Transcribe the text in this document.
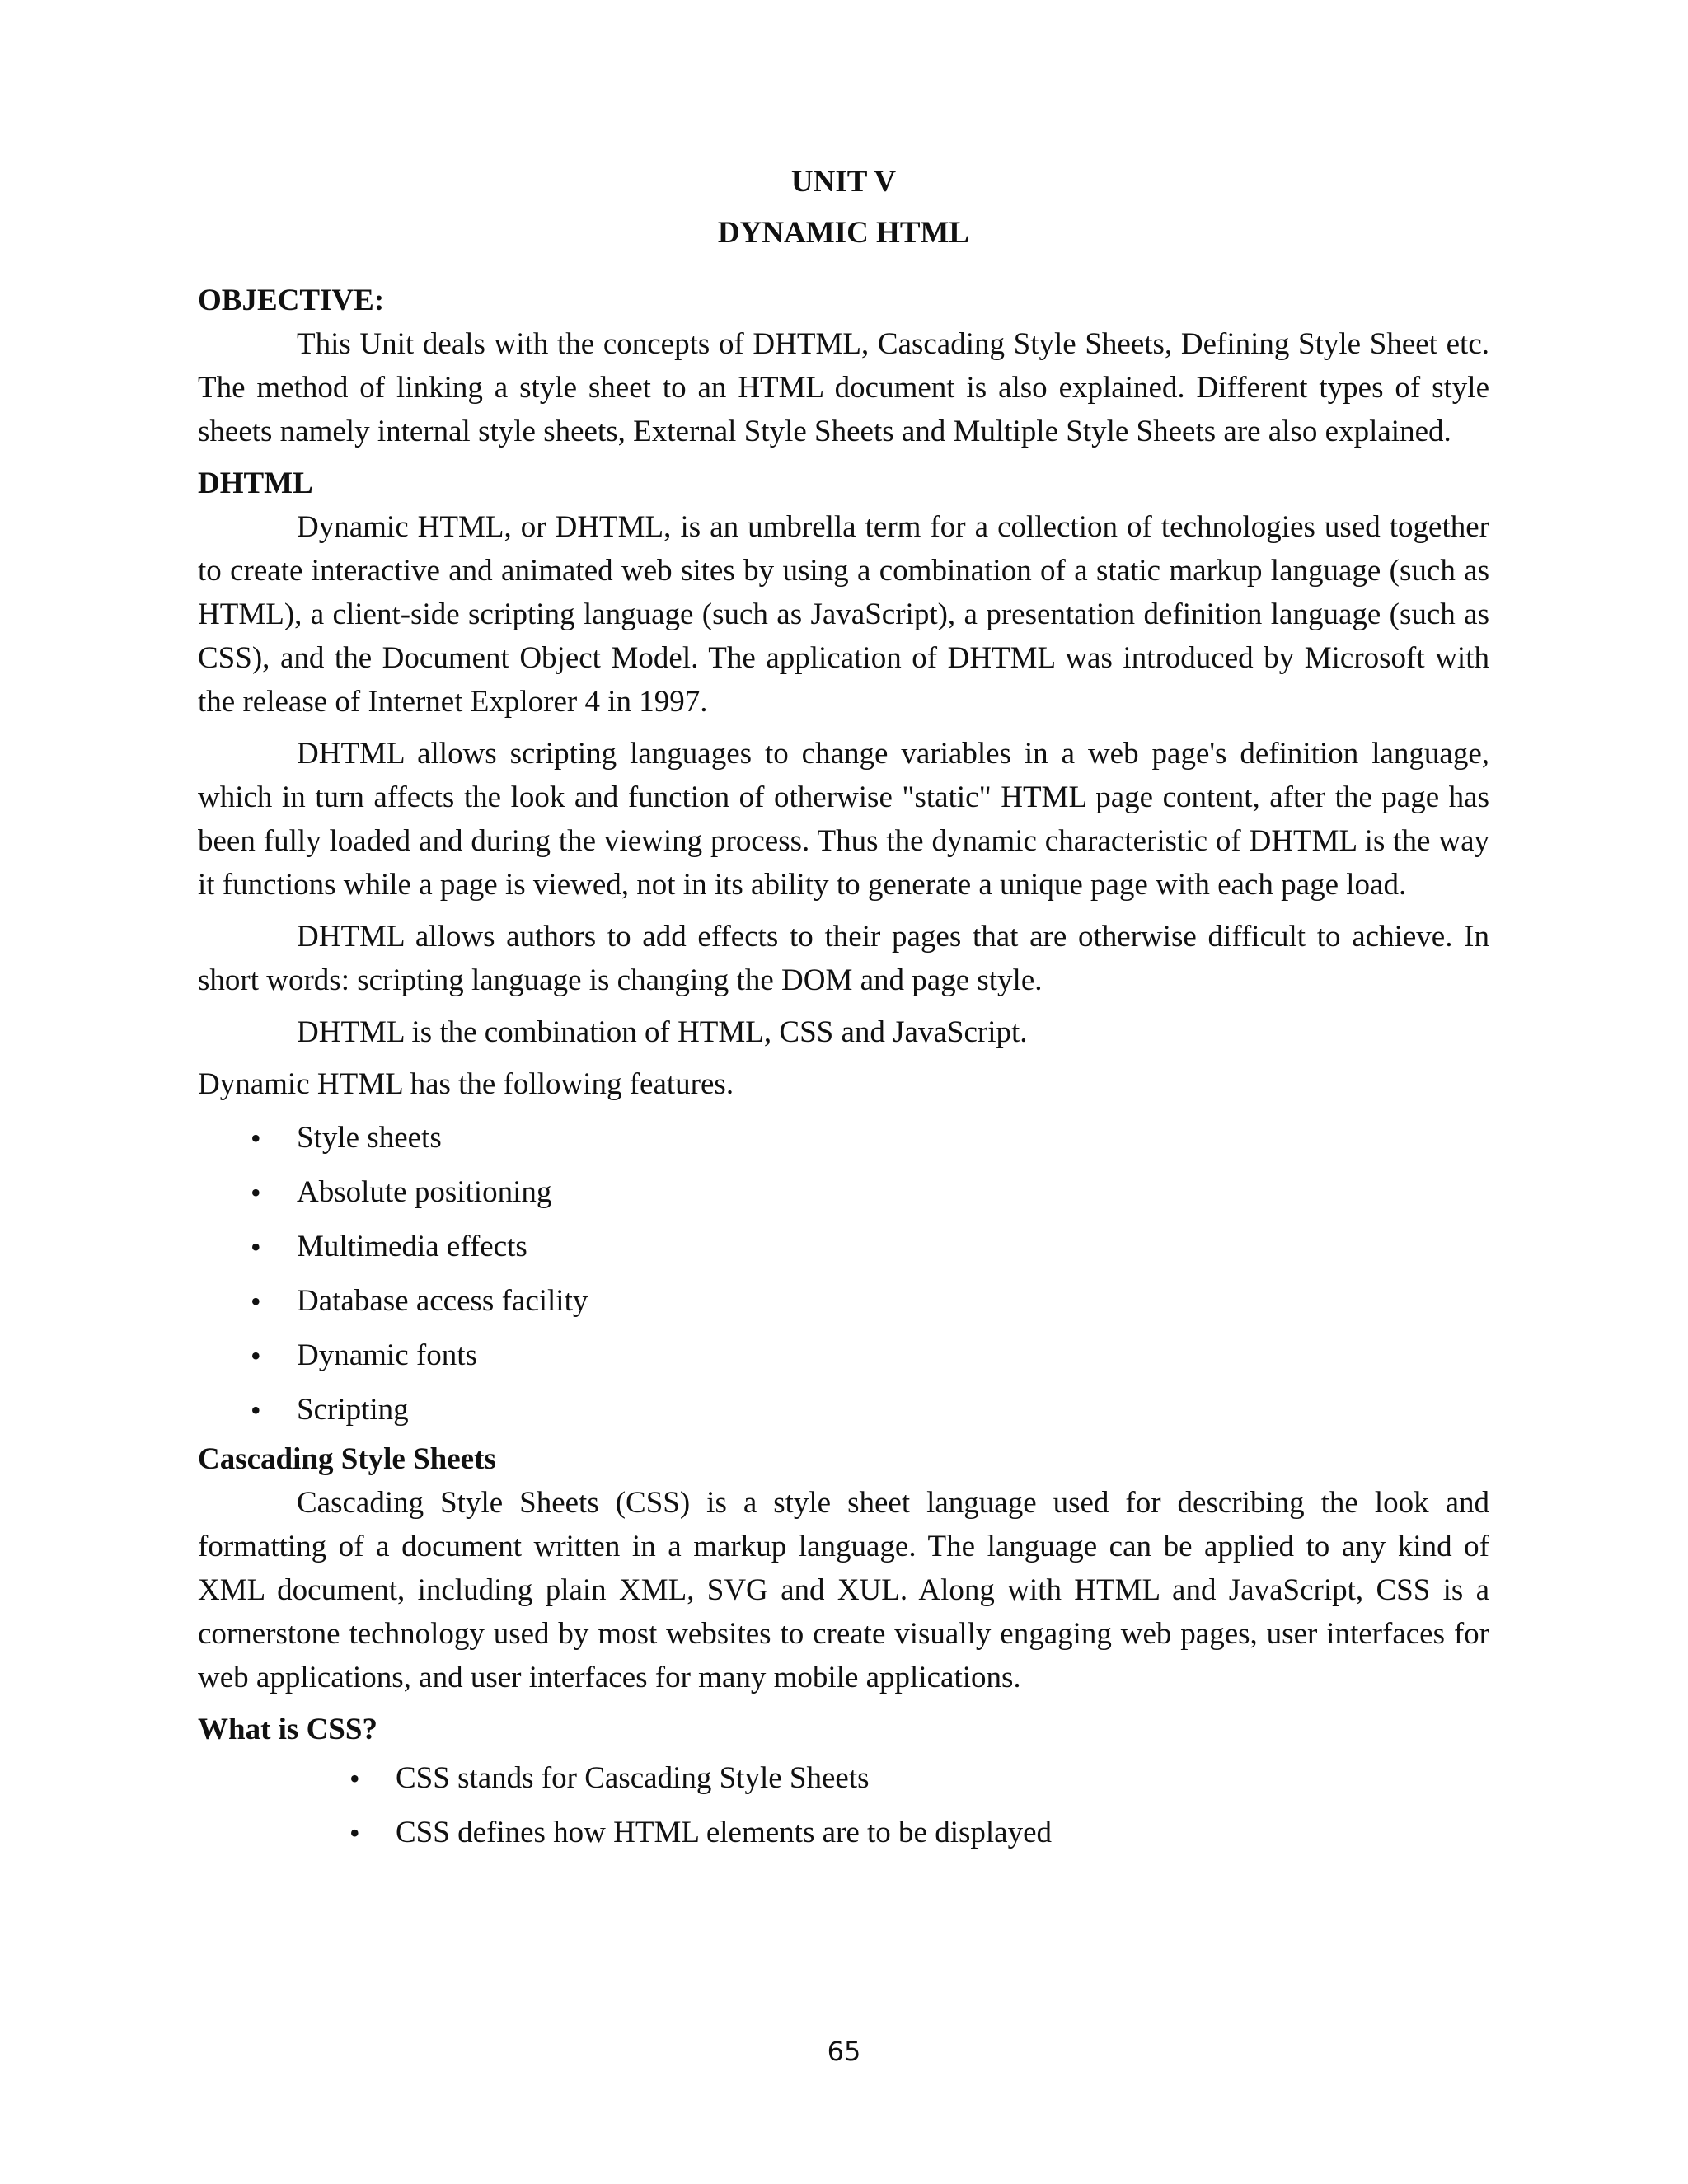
UNIT V

DYNAMIC HTML

OBJECTIVE:

This Unit deals with the concepts of DHTML, Cascading Style Sheets, Defining Style Sheet etc. The method of linking a style sheet to an HTML document is also explained. Different types of style sheets namely internal style sheets, External Style Sheets and Multiple Style Sheets are also explained.

DHTML

Dynamic HTML, or DHTML, is an umbrella term for a collection of technologies used together to create interactive and animated web sites by using a combination of a static markup language (such as HTML), a client-side scripting language (such as JavaScript), a presentation definition language (such as CSS), and the Document Object Model. The application of DHTML was introduced by Microsoft with the release of Internet Explorer 4 in 1997.

DHTML allows scripting languages to change variables in a web page's definition language, which in turn affects the look and function of otherwise "static" HTML page content, after the page has been fully loaded and during the viewing process. Thus the dynamic characteristic of DHTML is the way it functions while a page is viewed, not in its ability to generate a unique page with each page load.

DHTML allows authors to add effects to their pages that are otherwise difficult to achieve. In short words: scripting language is changing the DOM and page style.

DHTML is the combination of HTML, CSS and JavaScript.

Dynamic HTML has the following features.

• Style sheets
• Absolute positioning
• Multimedia effects
• Database access facility
• Dynamic fonts
• Scripting

Cascading Style Sheets

Cascading Style Sheets (CSS) is a style sheet language used for describing the look and formatting of a document written in a markup language. The language can be applied to any kind of XML document, including plain XML, SVG and XUL. Along with HTML and JavaScript, CSS is a cornerstone technology used by most websites to create visually engaging web pages, user interfaces for web applications, and user interfaces for many mobile applications.

What is CSS?

• CSS stands for Cascading Style Sheets
• CSS defines how HTML elements are to be displayed
65
